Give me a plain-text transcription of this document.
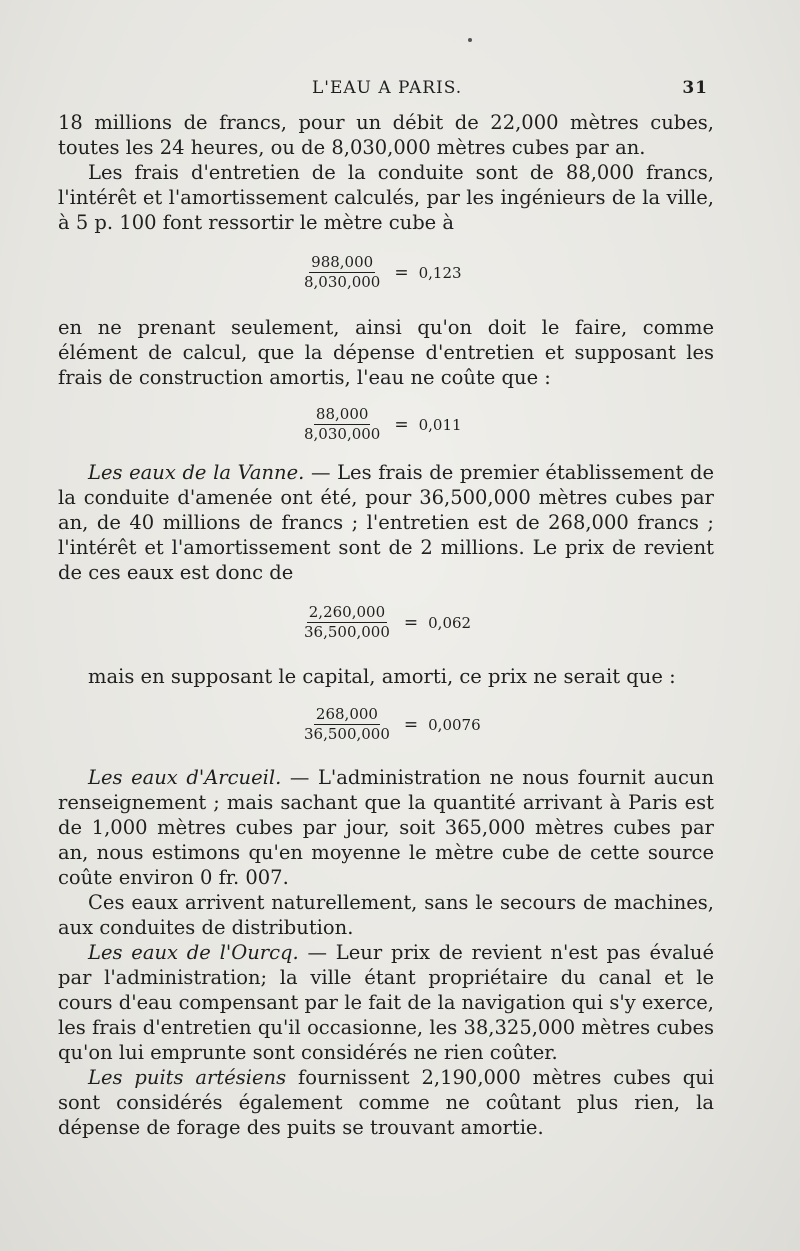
L'EAU A PARIS.	31

18 millions de francs, pour un débit de 22,000 mètres cubes, toutes les 24 heures, ou de 8,030,000 mètres cubes par an.

Les frais d'entretien de la conduite sont de 88,000 francs, l'intérêt et l'amortissement calculés, par les ingénieurs de la ville, à 5 p. 100 font ressortir le mètre cube à

$\frac{988,000}{8,030,000} = 0,123$

en ne prenant seulement, ainsi qu'on doit le faire, comme élément de calcul, que la dépense d'entretien et supposant les frais de construction amortis, l'eau ne coûte que :

$\frac{88,000}{8,030,000} = 0,011$

Les eaux de la Vanne. — Les frais de premier établissement de la conduite d'amenée ont été, pour 36,500,000 mètres cubes par an, de 40 millions de francs ; l'entretien est de 268,000 francs ; l'intérêt et l'amortissement sont de 2 millions. Le prix de revient de ces eaux est donc de

$\frac{2,260,000}{36,500,000} = 0,062$

mais en supposant le capital, amorti, ce prix ne serait que :

$\frac{268,000}{36,500,000} = 0,0076$

Les eaux d'Arcueil. — L'administration ne nous fournit aucun renseignement ; mais sachant que la quantité arrivant à Paris est de 1,000 mètres cubes par jour, soit 365,000 mètres cubes par an, nous estimons qu'en moyenne le mètre cube de cette source coûte environ 0 fr. 007.

Ces eaux arrivent naturellement, sans le secours de machines, aux conduites de distribution.

Les eaux de l'Ourcq. — Leur prix de revient n'est pas évalué par l'administration; la ville étant propriétaire du canal et le cours d'eau compensant par le fait de la navigation qui s'y exerce, les frais d'entretien qu'il occasionne, les 38,325,000 mètres cubes qu'on lui emprunte sont considérés ne rien coûter.

Les puits artésiens fournissent 2,190,000 mètres cubes qui sont considérés également comme ne coûtant plus rien, la dépense de forage des puits se trouvant amortie.
